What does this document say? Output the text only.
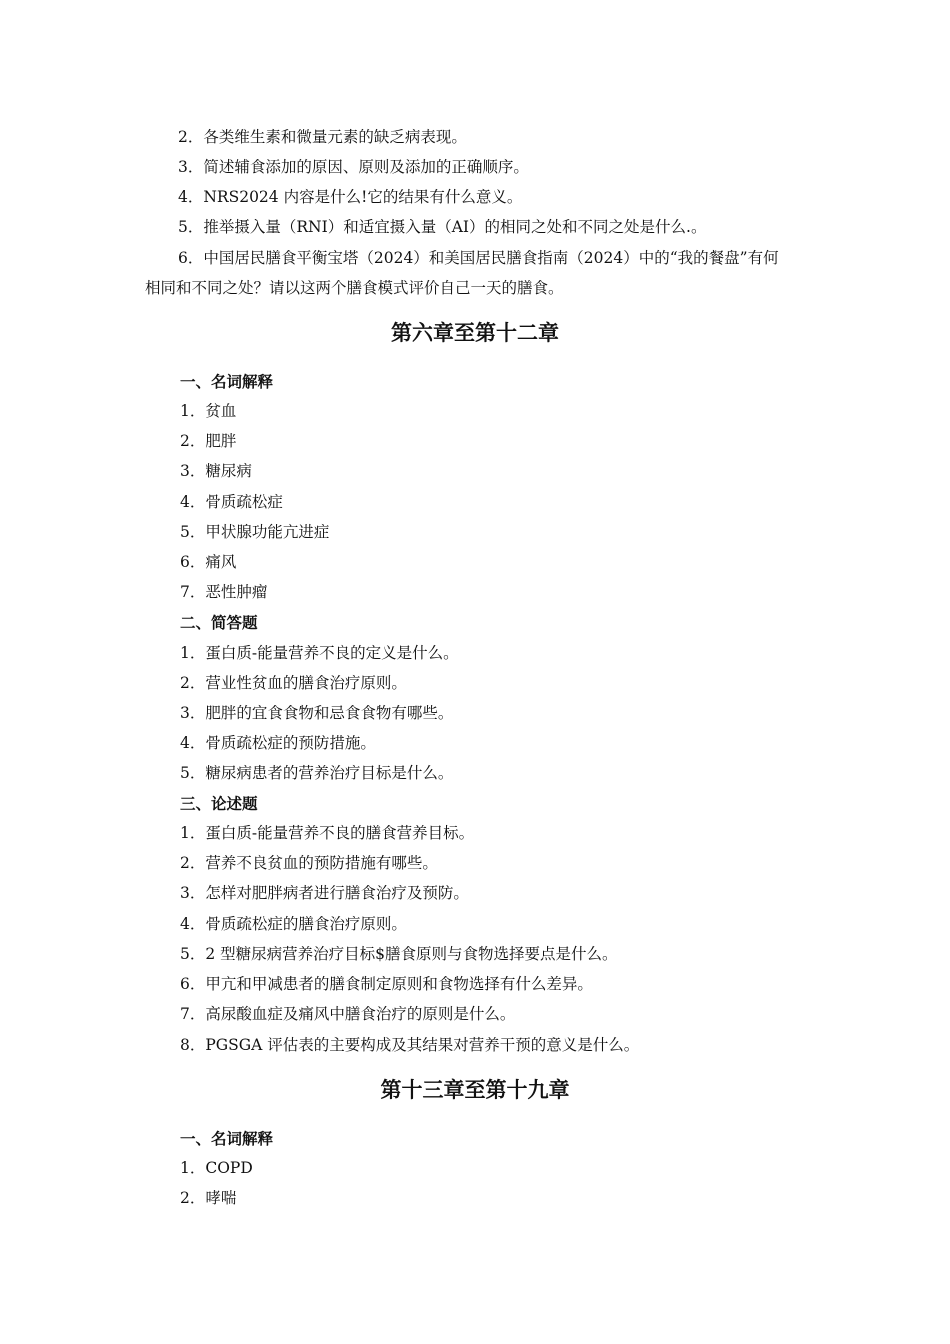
2．各类维生素和微量元素的缺乏病表现。

3．简述辅食添加的原因、原则及添加的正确顺序。

4．NRS2024 内容是什么!它的结果有什么意义。

5．推举摄入量（RNI）和适宜摄入量（AI）的相同之处和不同之处是什么.。

6．中国居民膳食平衡宝塔（2024）和美国居民膳食指南（2024）中的“我的餐盘”有何相同和不同之处？请以这两个膳食模式评价自己一天的膳食。

第六章至第十二章
一、名词解释
1．贫血
2．肥胖
3．糖尿病
4．骨质疏松症
5．甲状腺功能亢进症
6．痛风
7．恶性肿瘤
二、简答题
1．蛋白质-能量营养不良的定义是什么。
2．营业性贫血的膳食治疗原则。
3．肥胖的宜食食物和忌食食物有哪些。
4．骨质疏松症的预防措施。
5．糖尿病患者的营养治疗目标是什么。
三、论述题
1．蛋白质-能量营养不良的膳食营养目标。
2．营养不良贫血的预防措施有哪些。
3．怎样对肥胖病者进行膳食治疗及预防。
4．骨质疏松症的膳食治疗原则。
5．2 型糖尿病营养治疗目标$膳食原则与食物选择要点是什么。
6．甲亢和甲减患者的膳食制定原则和食物选择有什么差异。
7．高尿酸血症及痛风中膳食治疗的原则是什么。
8．PGSGA 评估表的主要构成及其结果对营养干预的意义是什么。
第十三章至第十九章
一、名词解释
1．COPD
2．哮喘
